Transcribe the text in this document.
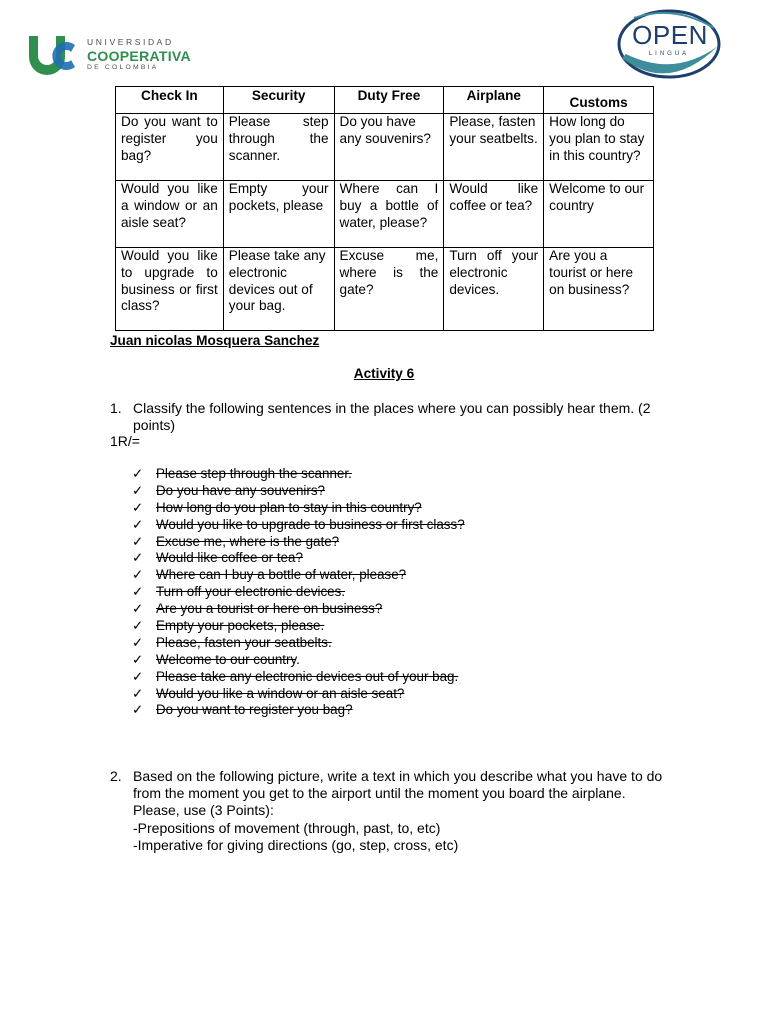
UNIVERSIDAD
COOPERATIVA
DE COLOMBIA
OPEN
LINGUA
Check In	Security	Duty Free	Airplane	Customs
Do you want to register you bag?	Please step through the scanner.	Do you have any souvenirs?	Please, fasten your seatbelts.	How long do you plan to stay in this country?
Would you like a window or an aisle seat?	Empty your pockets, please	Where can I buy a bottle of water, please?	Would like coffee or tea?	Welcome to our country
Would you like to upgrade to business or first class?	Please take any electronic devices out of your bag.	Excuse me, where is the gate?	Turn off your electronic devices.	Are you a tourist or here on business?
Juan nicolas Mosquera Sanchez
Activity 6
1. Classify the following sentences in the places where you can possibly hear them. (2 points)
1R/=
✓ Please step through the scanner.
✓ Do you have any souvenirs?
✓ How long do you plan to stay in this country?
✓ Would you like to upgrade to business or first class?
✓ Excuse me, where is the gate?
✓ Would like coffee or tea?
✓ Where can I buy a bottle of water, please?
✓ Turn off your electronic devices.
✓ Are you a tourist or here on business?
✓ Empty your pockets, please.
✓ Please, fasten your seatbelts.
✓ Welcome to our country.
✓ Please take any electronic devices out of your bag.
✓ Would you like a window or an aisle seat?
✓ Do you want to register you bag?
2. Based on the following picture, write a text in which you describe what you have to do from the moment you get to the airport until the moment you board the airplane. Please, use (3 Points):
-Prepositions of movement (through, past, to, etc)
-Imperative for giving directions (go, step, cross, etc)
